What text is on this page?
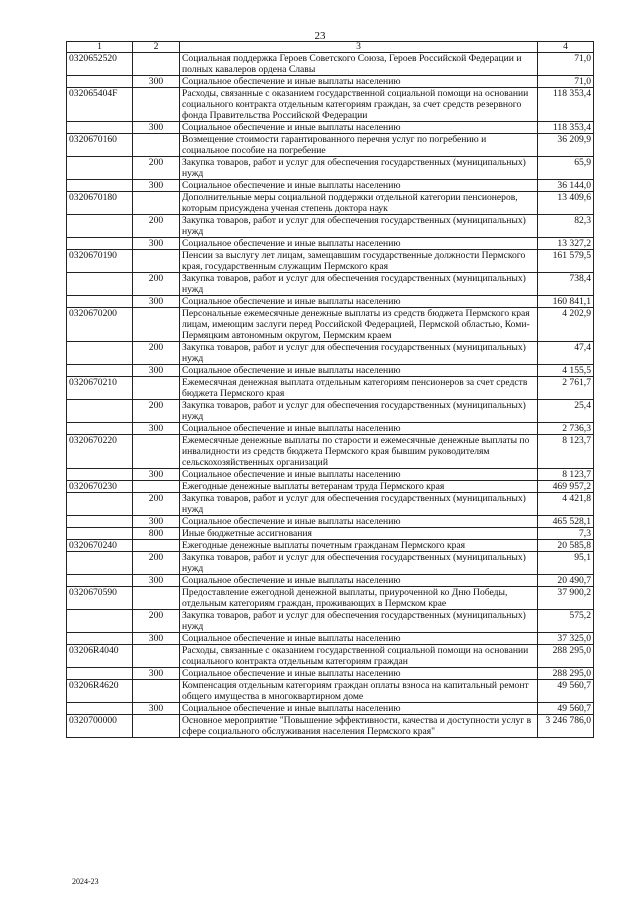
23
1	2	3	4
0320652520		Социальная поддержка Героев Советского Союза, Героев Российской Федерации и полных кавалеров ордена Славы	71,0
	300	Социальное обеспечение и иные выплаты населению	71,0
032065404F		Расходы, связанные с оказанием государственной социальной помощи на основании социального контракта отдельным категориям граждан, за счет средств резервного фонда Правительства Российской Федерации	118 353,4
	300	Социальное обеспечение и иные выплаты населению	118 353,4
0320670160		Возмещение стоимости гарантированного перечня услуг по погребению и социальное пособие на погребение	36 209,9
	200	Закупка товаров, работ и услуг для обеспечения государственных (муниципальных) нужд	65,9
	300	Социальное обеспечение и иные выплаты населению	36 144,0
0320670180		Дополнительные меры социальной поддержки отдельной категории пенсионеров, которым присуждена ученая степень доктора наук	13 409,6
	200	Закупка товаров, работ и услуг для обеспечения государственных (муниципальных) нужд	82,3
	300	Социальное обеспечение и иные выплаты населению	13 327,2
0320670190		Пенсии за выслугу лет лицам, замещавшим государственные должности Пермского края, государственным служащим Пермского края	161 579,5
	200	Закупка товаров, работ и услуг для обеспечения государственных (муниципальных) нужд	738,4
	300	Социальное обеспечение и иные выплаты населению	160 841,1
0320670200		Персональные ежемесячные денежные выплаты из средств бюджета Пермского края лицам, имеющим заслуги перед Российской Федерацией, Пермской областью, Коми-Пермяцким автономным округом, Пермским краем	4 202,9
	200	Закупка товаров, работ и услуг для обеспечения государственных (муниципальных) нужд	47,4
	300	Социальное обеспечение и иные выплаты населению	4 155,5
0320670210		Ежемесячная денежная выплата отдельным категориям пенсионеров за счет средств бюджета Пермского края	2 761,7
	200	Закупка товаров, работ и услуг для обеспечения государственных (муниципальных) нужд	25,4
	300	Социальное обеспечение и иные выплаты населению	2 736,3
0320670220		Ежемесячные денежные выплаты по старости и ежемесячные денежные выплаты по инвалидности из средств бюджета Пермского края бывшим руководителям сельскохозяйственных организаций	8 123,7
	300	Социальное обеспечение и иные выплаты населению	8 123,7
0320670230		Ежегодные денежные выплаты ветеранам труда Пермского края	469 957,2
	200	Закупка товаров, работ и услуг для обеспечения государственных (муниципальных) нужд	4 421,8
	300	Социальное обеспечение и иные выплаты населению	465 528,1
	800	Иные бюджетные ассигнования	7,3
0320670240		Ежегодные денежные выплаты почетным гражданам Пермского края	20 585,8
	200	Закупка товаров, работ и услуг для обеспечения государственных (муниципальных) нужд	95,1
	300	Социальное обеспечение и иные выплаты населению	20 490,7
0320670590		Предоставление ежегодной денежной выплаты, приуроченной ко Дню Победы, отдельным категориям граждан, проживающих в Пермском крае	37 900,2
	200	Закупка товаров, работ и услуг для обеспечения государственных (муниципальных) нужд	575,2
	300	Социальное обеспечение и иные выплаты населению	37 325,0
03206R4040		Расходы, связанные с оказанием государственной социальной помощи на основании социального контракта отдельным категориям граждан	288 295,0
	300	Социальное обеспечение и иные выплаты населению	288 295,0
03206R4620		Компенсация отдельным категориям граждан оплаты взноса на капитальный ремонт общего имущества в многоквартирном доме	49 560,7
	300	Социальное обеспечение и иные выплаты населению	49 560,7
0320700000		Основное мероприятие "Повышение эффективности, качества и доступности услуг в сфере социального обслуживания населения Пермского края"	3 246 786,0
2024-23
